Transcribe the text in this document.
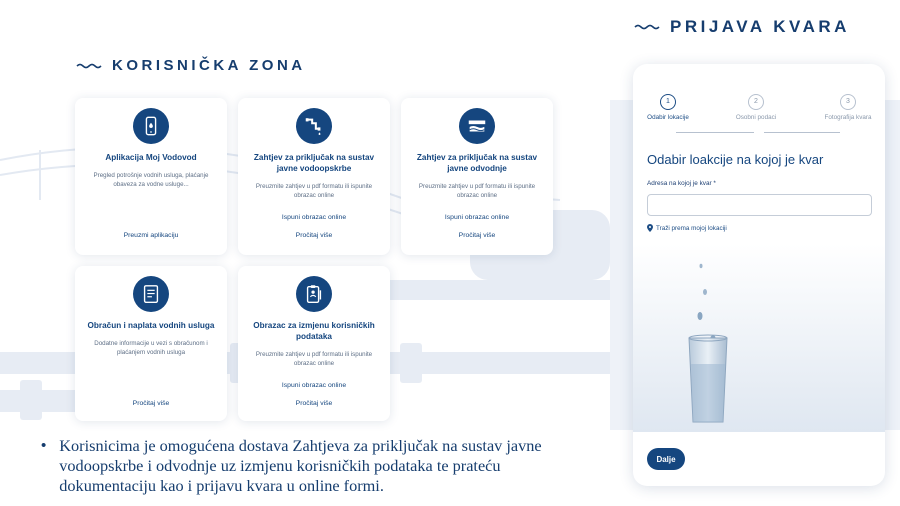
KORISNIČKA ZONA
PRIJAVA KVARA
Aplikacija Moj Vodovod

Pregled potrošnje vodnih usluga, plaćanje obaveza za vodne usluge...

Preuzmi aplikaciju
Zahtjev za priključak na sustav javne vodoopskrbe

Preuzmite zahtjev u pdf formatu ili ispunite obrazac online

Ispuni obrazac online
Pročitaj više
Zahtjev za priključak na sustav javne odvodnje

Preuzmite zahtjev u pdf formatu ili ispunite obrazac online

Ispuni obrazac online
Pročitaj više
Obračun i naplata vodnih usluga

Dodatne informacije u vezi s obračunom i plaćanjem vodnih usluga

Pročitaj više
Obrazac za izmjenu korisničkih podataka

Preuzmite zahtjev u pdf formatu ili ispunite obrazac online

Ispuni obrazac online
Pročitaj više
• Korisnicima je omogućena dostava Zahtjeva za priključak na sustav javne vodoopskrbe i odvodnje uz izmjenu korisničkih podataka te prateću dokumentaciju kao i prijavu kvara u online formi.

1
Odabir lokacije
2
Osobni podaci
3
Fotografija kvara
Odabir loakcije na kojoj je kvar
Adresa na kojoj je kvar *
Traži prema mojoj lokaciji
Dalje
